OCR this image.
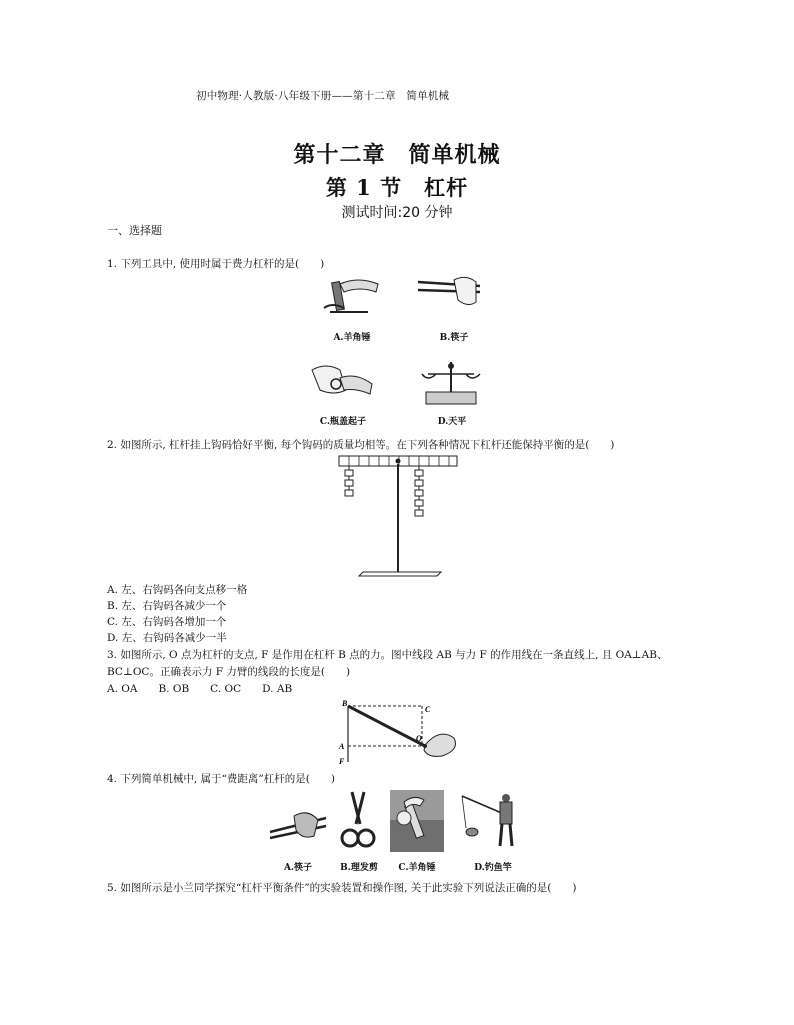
初中物理·人教版·八年级下册——第十二章　简单机械
第十二章　简单机械
第 1 节　杠杆
测试时间:20 分钟
一、选择题
1. 下列工具中, 使用时属于费力杠杆的是(　　)
A.羊角锤	B.筷子
C.瓶盖起子	D.天平
2. 如图所示, 杠杆挂上钩码恰好平衡, 每个钩码的质量均相等。在下列各种情况下杠杆还能保持平衡的是(　　)
A. 左、右钩码各向支点移一格
B. 左、右钩码各减少一个
C. 左、右钩码各增加一个
D. 左、右钩码各减少一半
3. 如图所示, O 点为杠杆的支点, F 是作用在杠杆 B 点的力。图中线段 AB 与力 F 的作用线在一条直线上, 且 OA⊥AB、
BC⊥OC。正确表示力 F 力臂的线段的长度是(　　)
A. OA　　B. OB　　C. OC　　D. AB
B
C
A
O
F
4. 下列简单机械中, 属于“费距离”杠杆的是(　　)
A.筷子	B.理发剪	C.羊角锤	D.钓鱼竿
5. 如图所示是小兰同学探究“杠杆平衡条件”的实验装置和操作图, 关于此实验下列说法正确的是(　　)
